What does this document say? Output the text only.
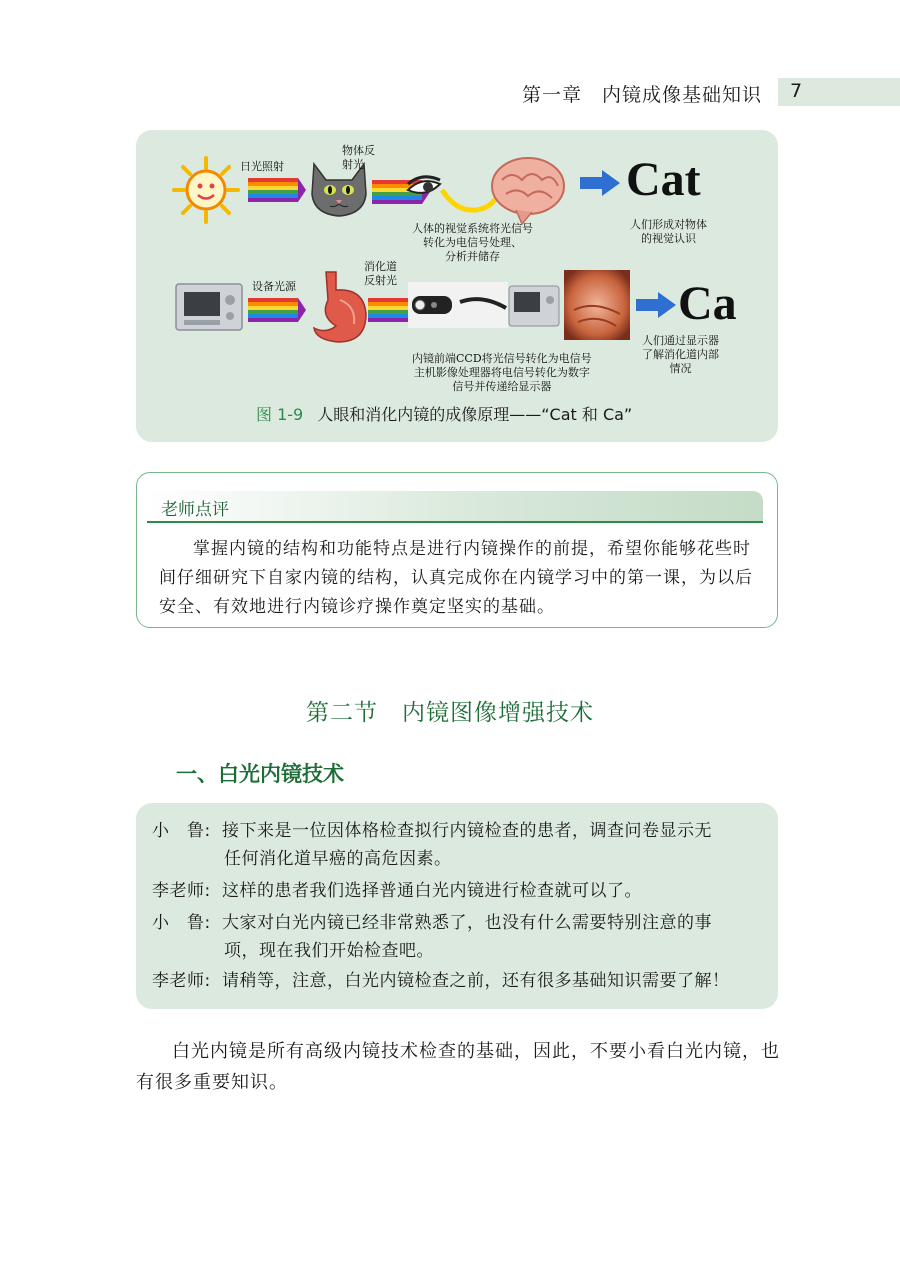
第一章　内镜成像基础知识 7
日光照射
物体反
射光
人体的视觉系统将光信号
转化为电信号处理、
分析并储存
Cat
人们形成对物体
的视觉认识
设备光源
消化道
反射光
内镜前端CCD将光信号转化为电信号
主机影像处理器将电信号转化为数字
信号并传递给显示器
Ca
人们通过显示器
了解消化道内部
情况
图 1-9 人眼和消化内镜的成像原理——“Cat 和 Ca”
老师点评
掌握内镜的结构和功能特点是进行内镜操作的前提，希望你能够花些时间仔细研究下自家内镜的结构，认真完成你在内镜学习中的第一课，为以后安全、有效地进行内镜诊疗操作奠定坚实的基础。
第二节　内镜图像增强技术
一、白光内镜技术
小　鲁: 接下来是一位因体格检查拟行内镜检查的患者，调查问卷显示无
任何消化道早癌的高危因素。
李老师: 这样的患者我们选择普通白光内镜进行检查就可以了。
小　鲁: 大家对白光内镜已经非常熟悉了，也没有什么需要特别注意的事
项，现在我们开始检查吧。
李老师: 请稍等，注意，白光内镜检查之前，还有很多基础知识需要了解！
白光内镜是所有高级内镜技术检查的基础，因此，不要小看白光内镜，也有很多重要知识。
